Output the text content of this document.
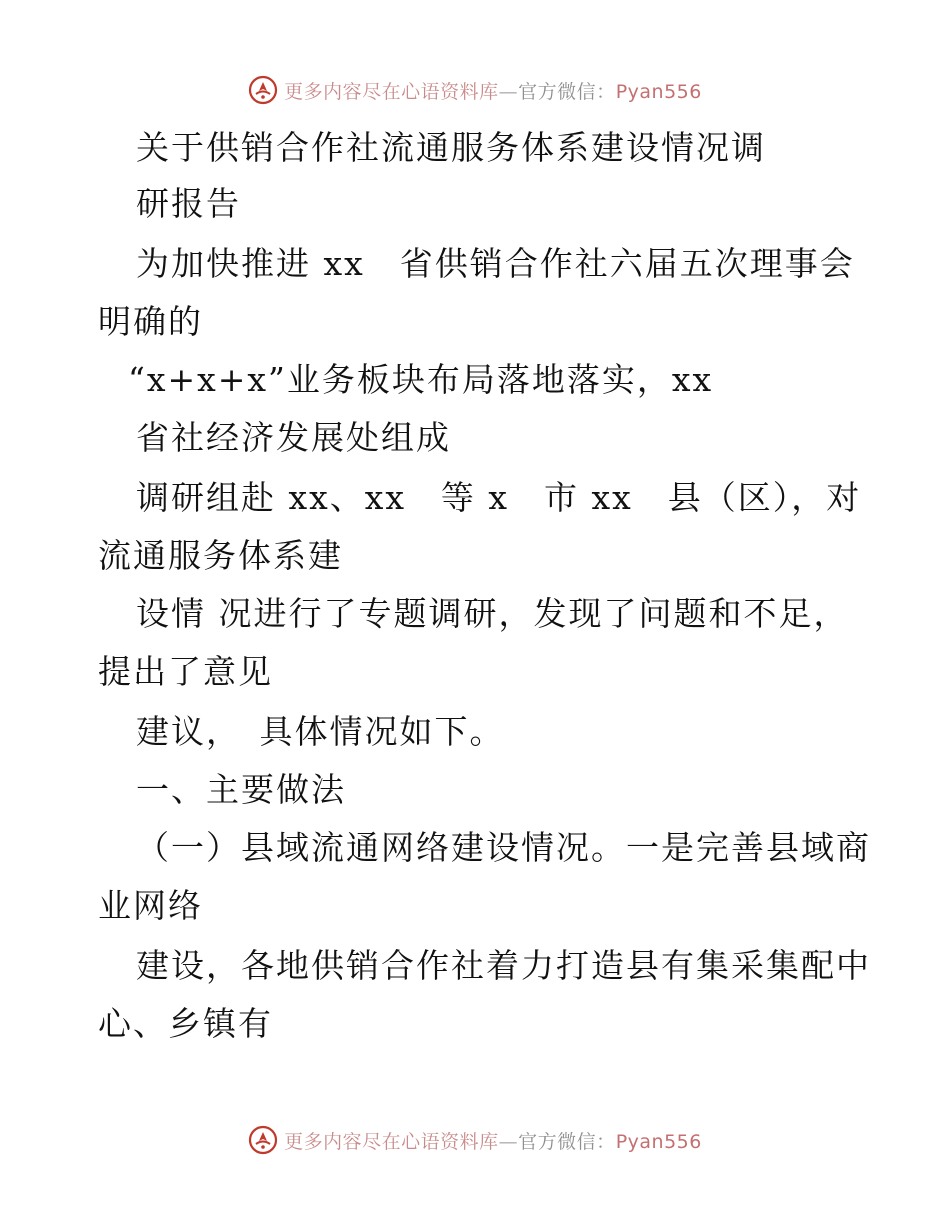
更多内容尽在心语资料库—官方微信：Pyan556
关于供销合作社流通服务体系建设情况调
研报告
为加快推进 xx　省供销合作社六届五次理事会
明确的
“x+x+x”业务板块布局落地落实，xx
省社经济发展处组成
调研组赴 xx、xx　等 x　市 xx　县（区），对
流通服务体系建
设情 况进行了专题调研，发现了问题和不足，
提出了意见
建议，　具体情况如下。
一、主要做法
（一）县域流通网络建设情况。一是完善县域商
业网络
建设，各地供销合作社着力打造县有集采集配中
心、乡镇有
更多内容尽在心语资料库—官方微信：Pyan556
